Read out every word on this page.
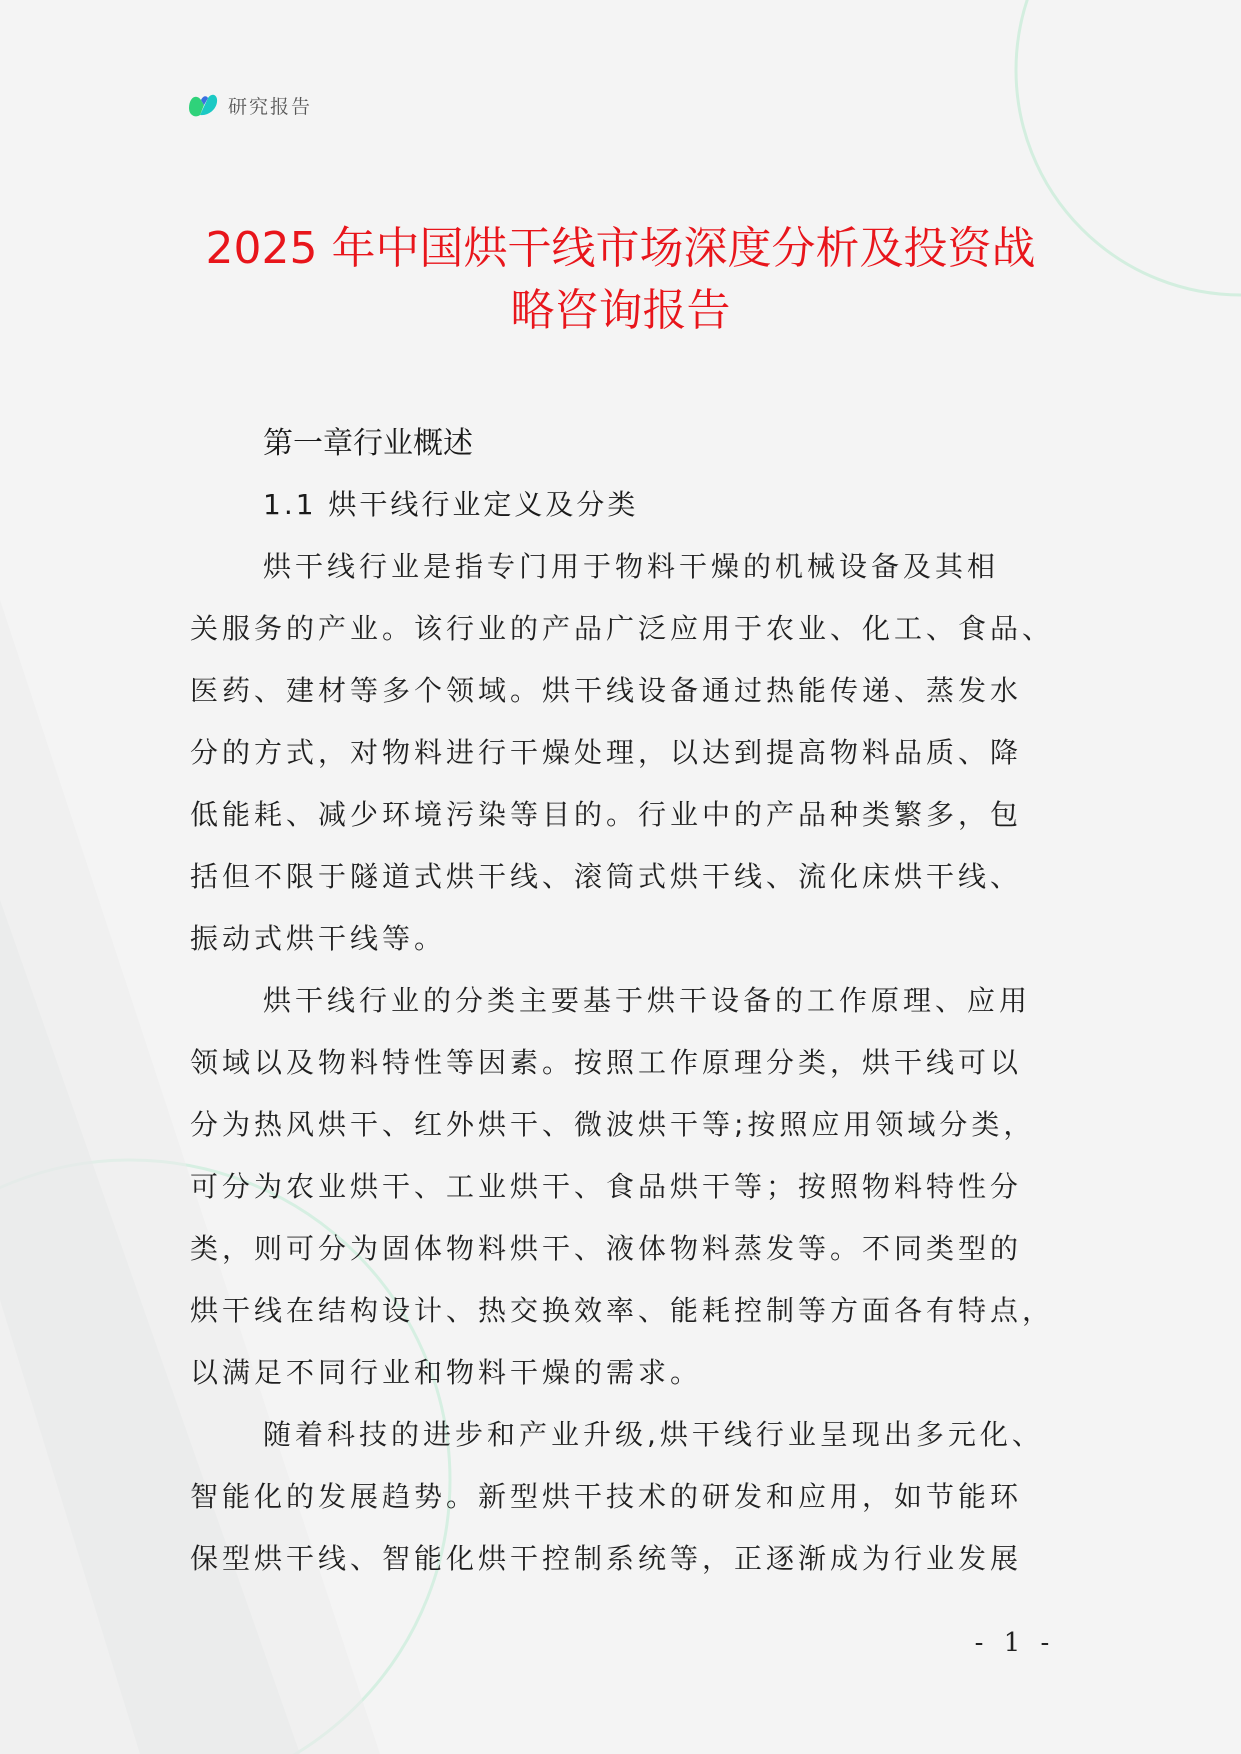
研究报告
2025 年中国烘干线市场深度分析及投资战
略咨询报告
第一章行业概述
1.1 烘干线行业定义及分类
烘干线行业是指专门用于物料干燥的机械设备及其相
关服务的产业。该行业的产品广泛应用于农业、化工、食品、
医药、建材等多个领域。烘干线设备通过热能传递、蒸发水
分的方式，对物料进行干燥处理，以达到提高物料品质、降
低能耗、减少环境污染等目的。行业中的产品种类繁多，包
括但不限于隧道式烘干线、滚筒式烘干线、流化床烘干线、
振动式烘干线等。
烘干线行业的分类主要基于烘干设备的工作原理、应用
领域以及物料特性等因素。按照工作原理分类，烘干线可以
分为热风烘干、红外烘干、微波烘干等;按照应用领域分类，
可分为农业烘干、工业烘干、食品烘干等；按照物料特性分
类，则可分为固体物料烘干、液体物料蒸发等。不同类型的
烘干线在结构设计、热交换效率、能耗控制等方面各有特点，
以满足不同行业和物料干燥的需求。
随着科技的进步和产业升级,烘干线行业呈现出多元化、
智能化的发展趋势。新型烘干技术的研发和应用，如节能环
保型烘干线、智能化烘干控制系统等，正逐渐成为行业发展
- 1 -
